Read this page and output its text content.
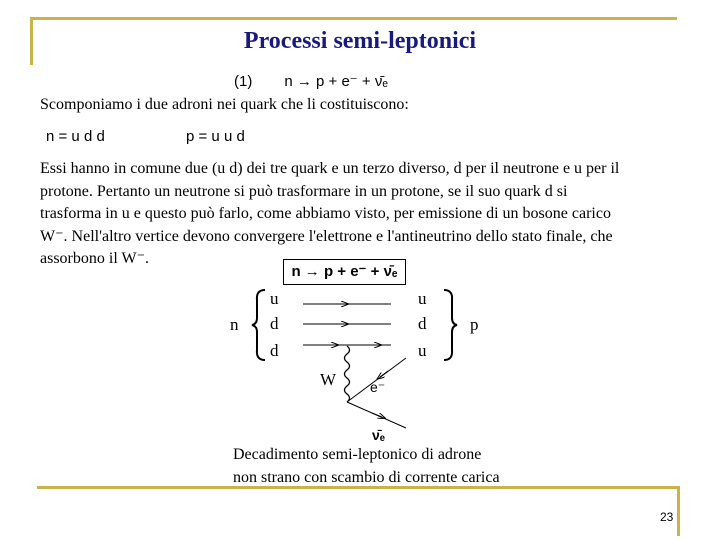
Processi semi-leptonici
(1) n → p + e⁻ + ν̄ₑ
Scomponiamo i due adroni nei quark che li costituiscono:
n = u d d	p = u u d
Essi hanno in comune due (u d) dei tre quark e un terzo diverso, d per il neutrone e u per il
protone. Pertanto un neutrone si può trasformare in un protone, se il suo quark d si
trasforma in u e questo può farlo, come abbiamo visto, per emissione di un bosone carico
W⁻. Nell'altro vertice devono convergere l'elettrone e l'antineutrino dello stato finale, che
assorbono il W⁻.
n → p + e⁻ + ν̄ₑ
n	p
u
d
d
u
d
u
W e⁻
ν̄ₑ
Decadimento semi-leptonico di adrone
non strano con scambio di corrente carica
23
